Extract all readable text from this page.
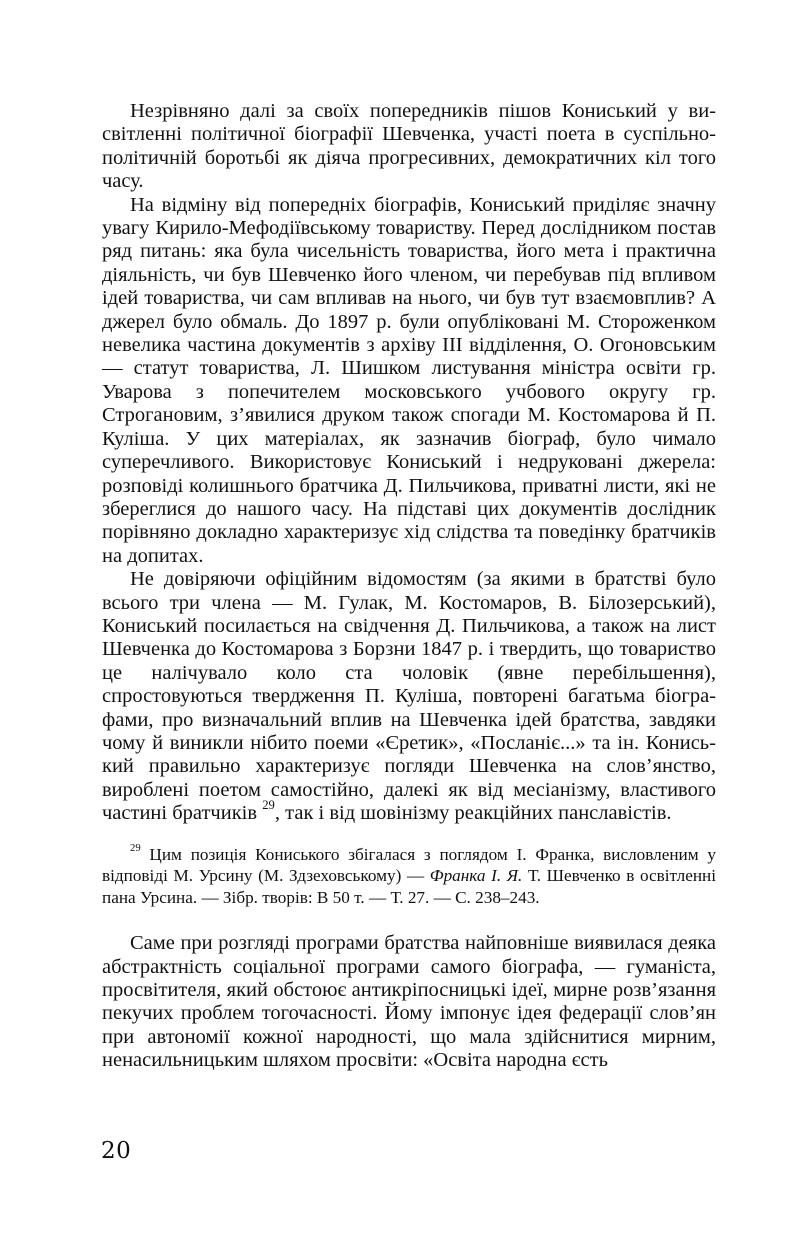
Незрівняно далі за своїх попередників пішов Кониський у висвітленні політичної біографії Шевченка, участі поета в суспільно-політичній боротьбі як діяча прогресивних, демократичних кіл того часу.

На відміну від попередніх біографів, Кониський приділяє значну увагу Кирило-Мефодіївському товариству. Перед дослідником постав ряд питань: яка була чисельність товариства, його мета і практична діяльність, чи був Шевченко його членом, чи перебував під впливом ідей товариства, чи сам впливав на нього, чи був тут взаємовплив? А джерел було обмаль. До 1897 р. були опубліковані М. Стороженком невелика частина документів з архіву III відділення, О. Огоновським — статут товариства, Л. Шишком листування міністра освіти гр. Уварова з попечителем московського учбового округу гр. Строгановим, з’явилися друком також спогади М. Костомарова й П. Куліша. У цих матеріалах, як зазначив біограф, було чимало суперечливого. Використовує Кониський і недруковані джерела: розповіді колишнього братчика Д. Пильчикова, приватні листи, які не збереглися до нашого часу. На підставі цих документів дослідник порівняно докладно характеризує хід слідства та поведінку братчиків на допитах.

Не довіряючи офіційним відомостям (за якими в братстві було всього три члена — М. Гулак, М. Костомаров, В. Білозерський), Кониський посилається на свідчення Д. Пильчикова, а також на лист Шевченка до Костомарова з Борзни 1847 р. і твердить, що товариство це налічувало коло ста чоловік (явне перебільшення), спростовуються твердження П. Куліша, повторені багатьма біографами, про визначальний вплив на Шевченка ідей братства, завдяки чому й виникли нібито поеми «Єретик», «Посланіє...» та ін. Кониський правильно характеризує погляди Шевченка на слов’янство, вироблені поетом самостійно, далекі як від месіанізму, властивого частині братчиків $^{29}$, так і від шовінізму реакційних панславістів.

$^{29}$ Цим позиція Кониського збігалася з поглядом І. Франка, висловленим у відповіді М. Урсину (М. Здзеховському) — Франка І. Я. Т. Шевченко в освітленні пана Урсина. — Зібр. творів: В 50 т. — Т. 27. — С. 238–243.

Саме при розгляді програми братства найповніше виявилася деяка абстрактність соціальної програми самого біографа, — гуманіста, просвітителя, який обстоює антикріпосницькі ідеї, мирне розв’язання пекучих проблем тогочасності. Йому імпонує ідея федерації слов’ян при автономії кожної народності, що мала здійснитися мирним, ненасильницьким шляхом просвіти: «Освіта народна єсть

20
